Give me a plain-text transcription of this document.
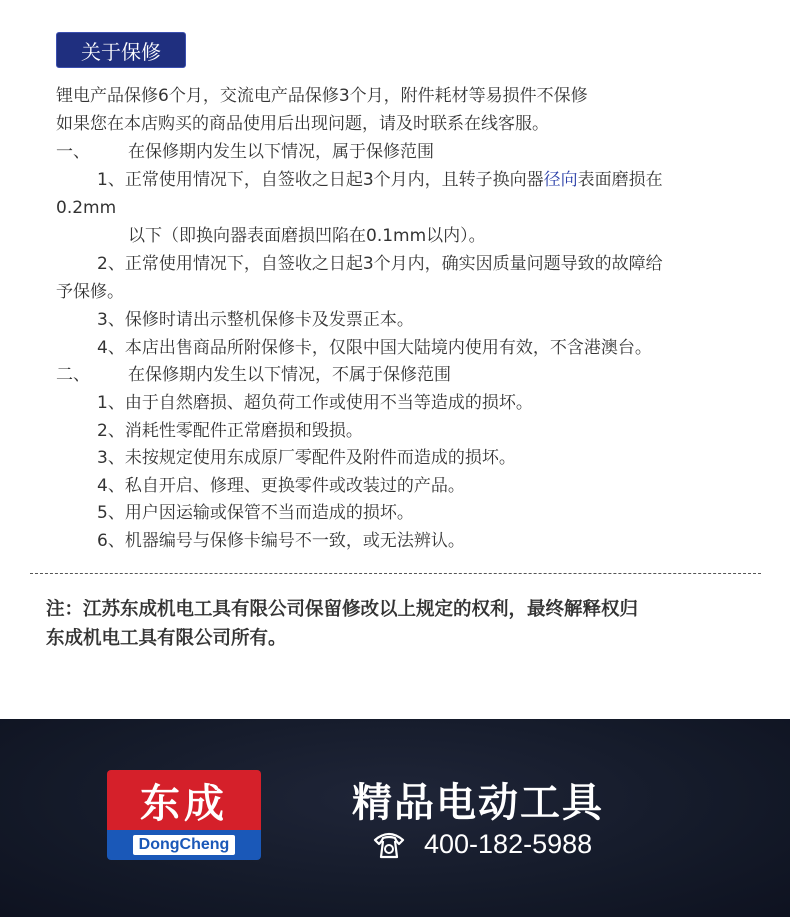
关于保修
锂电产品保修6个月，交流电产品保修3个月，附件耗材等易损件不保修
如果您在本店购买的商品使用后出现问题，请及时联系在线客服。
一、 在保修期内发生以下情况，属于保修范围
1、正常使用情况下，自签收之日起3个月内，且转子换向器径向表面磨损在
0.2mm
以下（即换向器表面磨损凹陷在0.1mm以内）。
2、正常使用情况下，自签收之日起3个月内，确实因质量问题导致的故障给
予保修。
3、保修时请出示整机保修卡及发票正本。
4、本店出售商品所附保修卡，仅限中国大陆境内使用有效，不含港澳台。
二、 在保修期内发生以下情况，不属于保修范围
1、由于自然磨损、超负荷工作或使用不当等造成的损坏。
2、消耗性零配件正常磨损和毁损。
3、未按规定使用东成原厂零配件及附件而造成的损坏。
4、私自开启、修理、更换零件或改装过的产品。
5、用户因运输或保管不当而造成的损坏。
6、机器编号与保修卡编号不一致，或无法辨认。
注：江苏东成机电工具有限公司保留修改以上规定的权利，最终解释权归
东成机电工具有限公司所有。
东成
DongCheng
精品电动工具
400-182-5988
